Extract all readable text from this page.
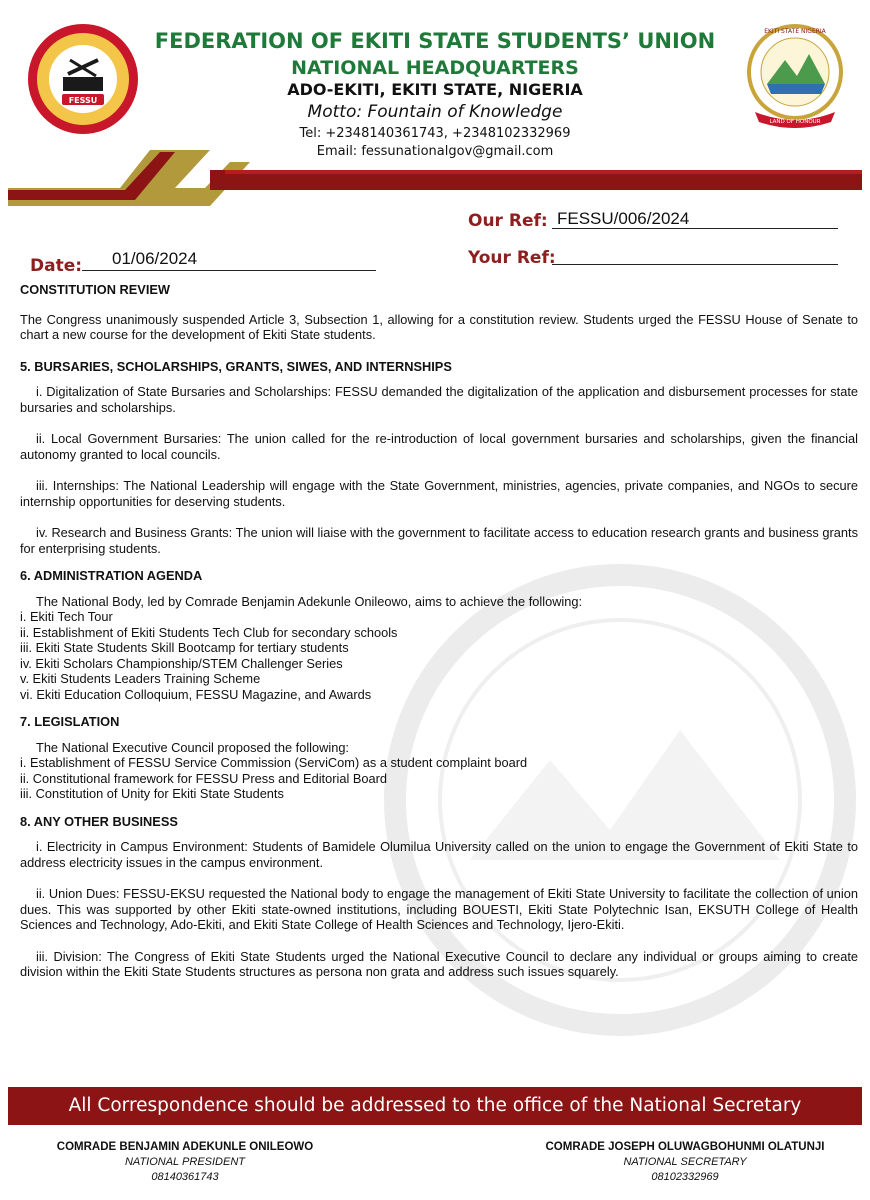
FESSU
EKITI STATE NIGERIA
LAND OF HONOUR
FEDERATION OF EKITI STATE STUDENTS’ UNION
NATIONAL HEADQUARTERS
ADO-EKITI, EKITI STATE, NIGERIA
Motto: Fountain of Knowledge
Tel: +2348140361743, +2348102332969
Email: fessunationalgov@gmail.com
Our Ref: FESSU/006/2024
Your Ref:
Date:	01/06/2024

CONSTITUTION REVIEW

The Congress unanimously suspended Article 3, Subsection 1, allowing for a constitution review. Students urged the FESSU House of Senate to chart a new course for the development of Ekiti State students.

5. BURSARIES, SCHOLARSHIPS, GRANTS, SIWES, AND INTERNSHIPS

i. Digitalization of State Bursaries and Scholarships: FESSU demanded the digitalization of the application and disbursement processes for state bursaries and scholarships.

ii. Local Government Bursaries: The union called for the re-introduction of local government bursaries and scholarships, given the financial autonomy granted to local councils.

iii. Internships: The National Leadership will engage with the State Government, ministries, agencies, private companies, and NGOs to secure internship opportunities for deserving students.

iv. Research and Business Grants: The union will liaise with the government to facilitate access to education research grants and business grants for enterprising students.

6. ADMINISTRATION AGENDA

The National Body, led by Comrade Benjamin Adekunle Onileowo, aims to achieve the following:

i. Ekiti Tech Tour

ii. Establishment of Ekiti Students Tech Club for secondary schools

iii. Ekiti State Students Skill Bootcamp for tertiary students

iv. Ekiti Scholars Championship/STEM Challenger Series

v. Ekiti Students Leaders Training Scheme

vi. Ekiti Education Colloquium, FESSU Magazine, and Awards

7. LEGISLATION

The National Executive Council proposed the following:

i. Establishment of FESSU Service Commission (ServiCom) as a student complaint board

ii. Constitutional framework for FESSU Press and Editorial Board

iii. Constitution of Unity for Ekiti State Students

8. ANY OTHER BUSINESS

i. Electricity in Campus Environment: Students of Bamidele Olumilua University called on the union to engage the Government of Ekiti State to address electricity issues in the campus environment.

ii. Union Dues: FESSU-EKSU requested the National body to engage the management of Ekiti State University to facilitate the collection of union dues. This was supported by other Ekiti state-owned institutions, including BOUESTI, Ekiti State Polytechnic Isan, EKSUTH College of Health Sciences and Technology, Ado-Ekiti, and Ekiti State College of Health Sciences and Technology, Ijero-Ekiti.

iii. Division: The Congress of Ekiti State Students urged the National Executive Council to declare any individual or groups aiming to create division within the Ekiti State Students structures as persona non grata and address such issues squarely.

All Correspondence should be addressed to the office of the National Secretary
COMRADE BENJAMIN ADEKUNLE ONILEOWO
NATIONAL PRESIDENT
08140361743
COMRADE JOSEPH OLUWAGBOHUNMI OLATUNJI
NATIONAL SECRETARY
08102332969
